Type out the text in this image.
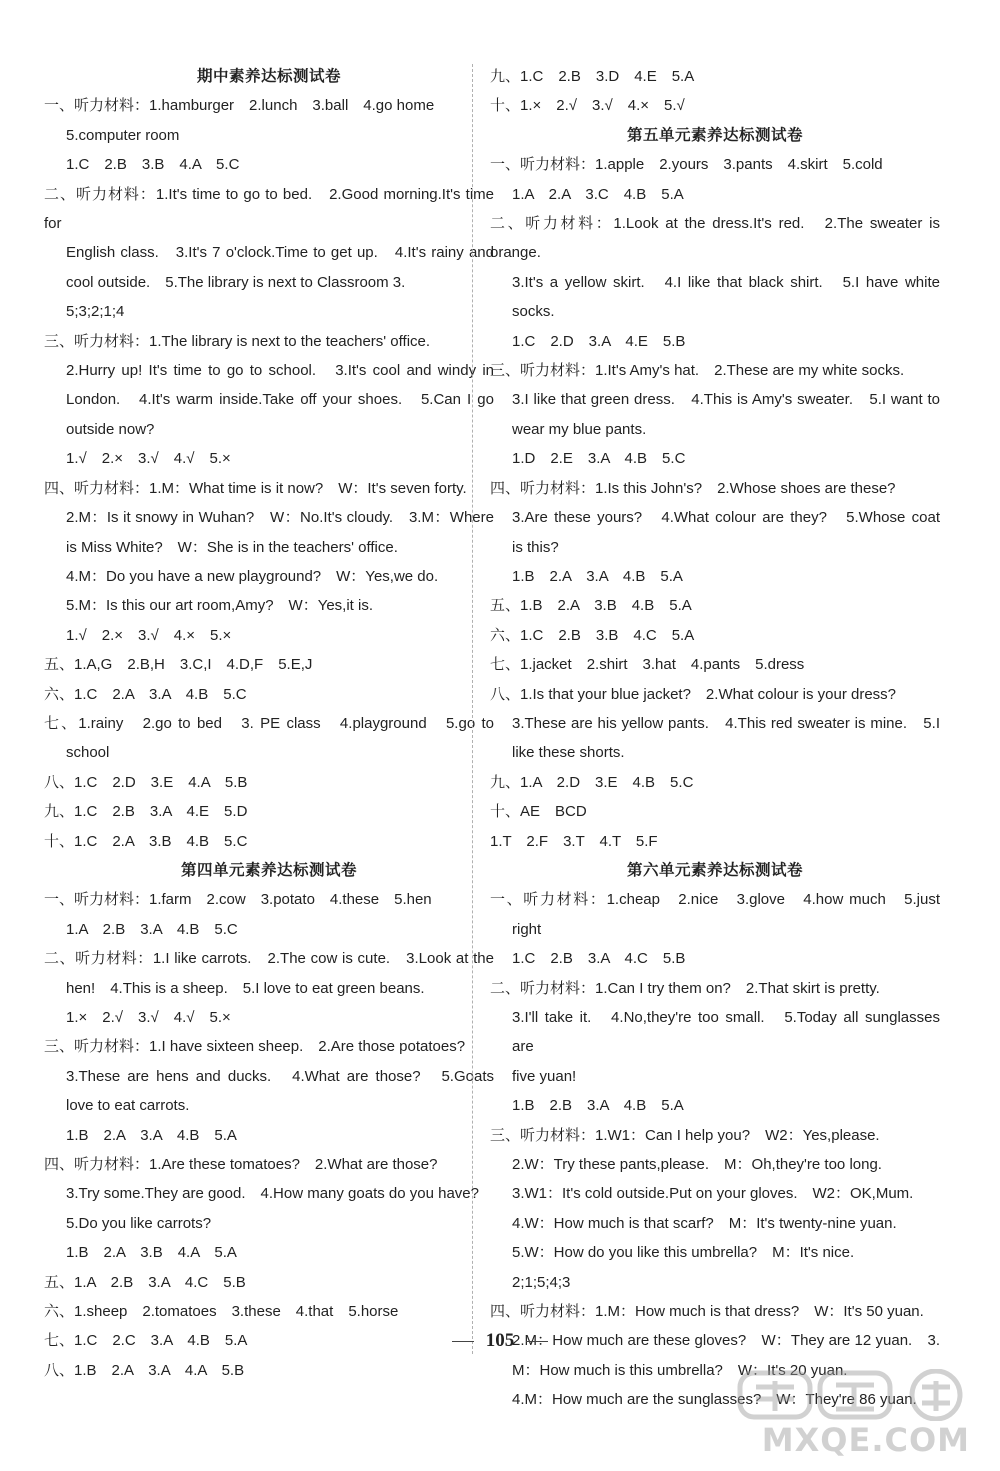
期中素养达标测试卷
一、听力材料：1.hamburger　2.lunch　3.ball　4.go home
5.computer room
1.C　2.B　3.B　4.A　5.C
二、听力材料：1.It's time to go to bed.　2.Good morning.It's time for
English class.　3.It's 7 o'clock.Time to get up.　4.It's rainy and
cool outside.　5.The library is next to Classroom 3.
5;3;2;1;4
三、听力材料：1.The library is next to the teachers' office.
2.Hurry up! It's time to go to school.　3.It's cool and windy in
London.　4.It's warm inside.Take off your shoes.　5.Can I go
outside now?
1.√　2.×　3.√　4.√　5.×
四、听力材料：1.M：What time is it now?　W：It's seven forty.
2.M：Is it snowy in Wuhan?　W：No.It's cloudy.　3.M：Where
is Miss White?　W：She is in the teachers' office.
4.M：Do you have a new playground?　W：Yes,we do.
5.M：Is this our art room,Amy?　W：Yes,it is.
1.√　2.×　3.√　4.×　5.×
五、1.A,G　2.B,H　3.C,I　4.D,F　5.E,J
六、1.C　2.A　3.A　4.B　5.C
七、1.rainy　2.go to bed　3. PE class　4.playground　5.go to
school
八、1.C　2.D　3.E　4.A　5.B
九、1.C　2.B　3.A　4.E　5.D
十、1.C　2.A　3.B　4.B　5.C
第四单元素养达标测试卷
一、听力材料：1.farm　2.cow　3.potato　4.these　5.hen
1.A　2.B　3.A　4.B　5.C
二、听力材料：1.I like carrots.　2.The cow is cute.　3.Look at the
hen!　4.This is a sheep.　5.I love to eat green beans.
1.×　2.√　3.√　4.√　5.×
三、听力材料：1.I have sixteen sheep.　2.Are those potatoes?
3.These are hens and ducks.　4.What are those?　5.Goats
love to eat carrots.
1.B　2.A　3.A　4.B　5.A
四、听力材料：1.Are these tomatoes?　2.What are those?
3.Try some.They are good.　4.How many goats do you have?
5.Do you like carrots?
1.B　2.A　3.B　4.A　5.A
五、1.A　2.B　3.A　4.C　5.B
六、1.sheep　2.tomatoes　3.these　4.that　5.horse
七、1.C　2.C　3.A　4.B　5.A
八、1.B　2.A　3.A　4.A　5.B
九、1.C　2.B　3.D　4.E　5.A
十、1.×　2.√　3.√　4.×　5.√
第五单元素养达标测试卷
一、听力材料：1.apple　2.yours　3.pants　4.skirt　5.cold
1.A　2.A　3.C　4.B　5.A
二、听力材料：1.Look at the dress.It's red.　2.The sweater is orange.
3.It's a yellow skirt.　4.I like that black shirt.　5.I have white
socks.
1.C　2.D　3.A　4.E　5.B
三、听力材料：1.It's Amy's hat.　2.These are my white socks.
3.I like that green dress.　4.This is Amy's sweater.　5.I want to
wear my blue pants.
1.D　2.E　3.A　4.B　5.C
四、听力材料：1.Is this John's?　2.Whose shoes are these?
3.Are these yours?　4.What colour are they?　5.Whose coat
is this?
1.B　2.A　3.A　4.B　5.A
五、1.B　2.A　3.B　4.B　5.A
六、1.C　2.B　3.B　4.C　5.A
七、1.jacket　2.shirt　3.hat　4.pants　5.dress
八、1.Is that your blue jacket?　2.What colour is your dress?
3.These are his yellow pants.　4.This red sweater is mine.　5.I
like these shorts.
九、1.A　2.D　3.E　4.B　5.C
十、AE　BCD
1.T　2.F　3.T　4.T　5.F
第六单元素养达标测试卷
一、听力材料：1.cheap　2.nice　3.glove　4.how much　5.just
right
1.C　2.B　3.A　4.C　5.B
二、听力材料：1.Can I try them on?　2.That skirt is pretty.
3.I'll take it.　4.No,they're too small.　5.Today all sunglasses are
five yuan!
1.B　2.B　3.A　4.B　5.A
三、听力材料：1.W1：Can I help you?　W2：Yes,please.
2.W：Try these pants,please.　M：Oh,they're too long.
3.W1：It's cold outside.Put on your gloves.　W2：OK,Mum.
4.W：How much is that scarf?　M：It's twenty-nine yuan.
5.W：How do you like this umbrella?　M：It's nice.
2;1;5;4;3
四、听力材料：1.M：How much is that dress?　W：It's 50 yuan.
2.M：How much are these gloves?　W：They are 12 yuan.　3.
M：How much is this umbrella?　W：It's 20 yuan.
4.M：How much are the sunglasses?　W：They're 86 yuan.
105
MXQE.COM
